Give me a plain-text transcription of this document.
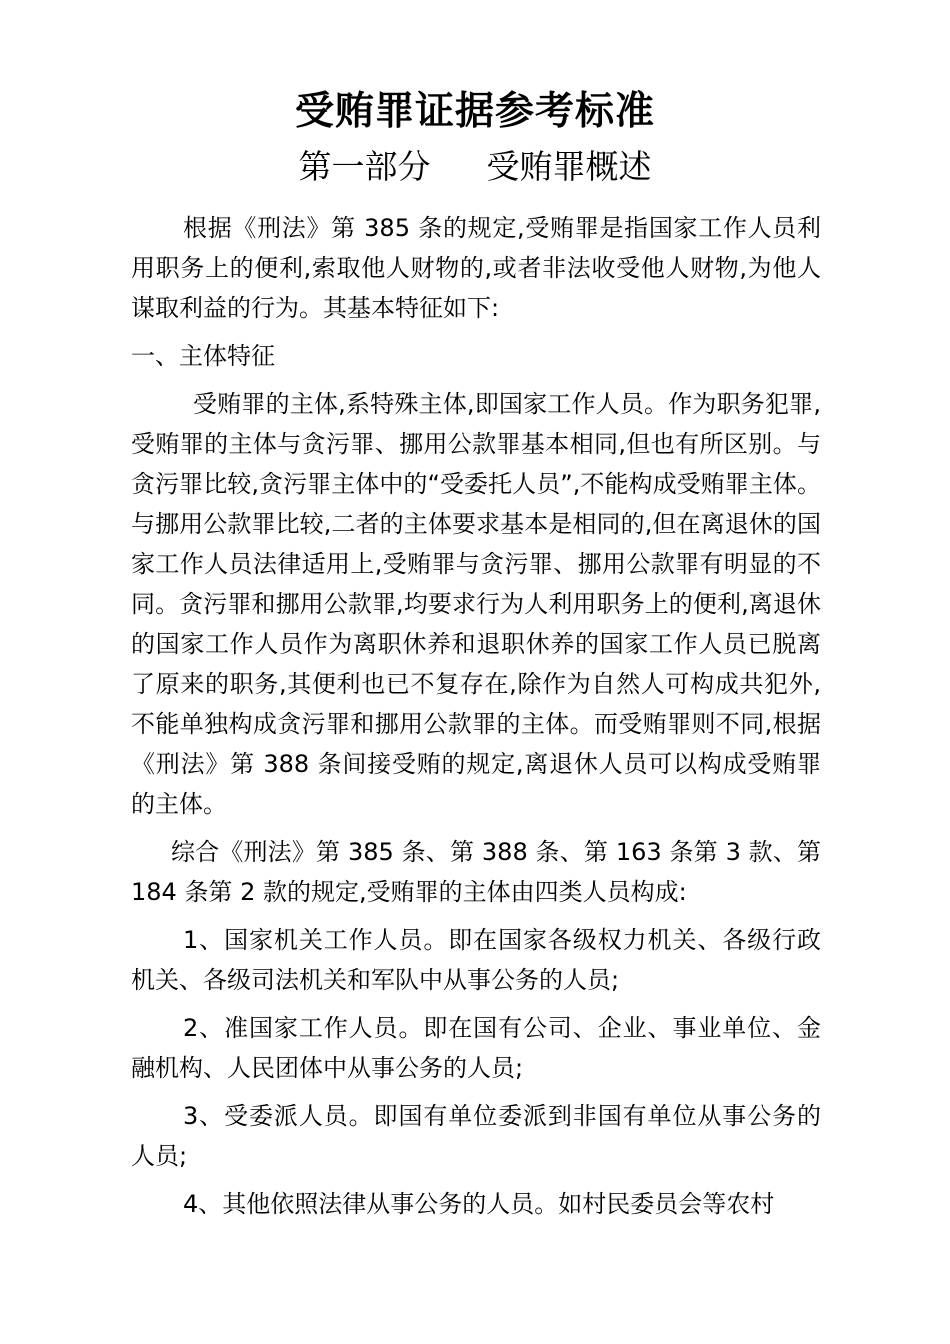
受贿罪证据参考标准
第一部分 受贿罪概述

根据《刑法》第 385 条的规定,受贿罪是指国家工作人员利用职务上的便利,索取他人财物的,或者非法收受他人财物,为他人谋取利益的行为。其基本特征如下:

一、主体特征

受贿罪的主体,系特殊主体,即国家工作人员。作为职务犯罪,受贿罪的主体与贪污罪、挪用公款罪基本相同,但也有所区别。与贪污罪比较,贪污罪主体中的“受委托人员”,不能构成受贿罪主体。与挪用公款罪比较,二者的主体要求基本是相同的,但在离退休的国家工作人员法律适用上,受贿罪与贪污罪、挪用公款罪有明显的不同。贪污罪和挪用公款罪,均要求行为人利用职务上的便利,离退休的国家工作人员作为离职休养和退职休养的国家工作人员已脱离了原来的职务,其便利也已不复存在,除作为自然人可构成共犯外,不能单独构成贪污罪和挪用公款罪的主体。而受贿罪则不同,根据《刑法》第 388 条间接受贿的规定,离退休人员可以构成受贿罪的主体。

综合《刑法》第 385 条、第 388 条、第 163 条第 3 款、第 184 条第 2 款的规定,受贿罪的主体由四类人员构成:

1、国家机关工作人员。即在国家各级权力机关、各级行政机关、各级司法机关和军队中从事公务的人员;

2、准国家工作人员。即在国有公司、企业、事业单位、金融机构、人民团体中从事公务的人员;

3、受委派人员。即国有单位委派到非国有单位从事公务的人员;

4、其他依照法律从事公务的人员。如村民委员会等农村
